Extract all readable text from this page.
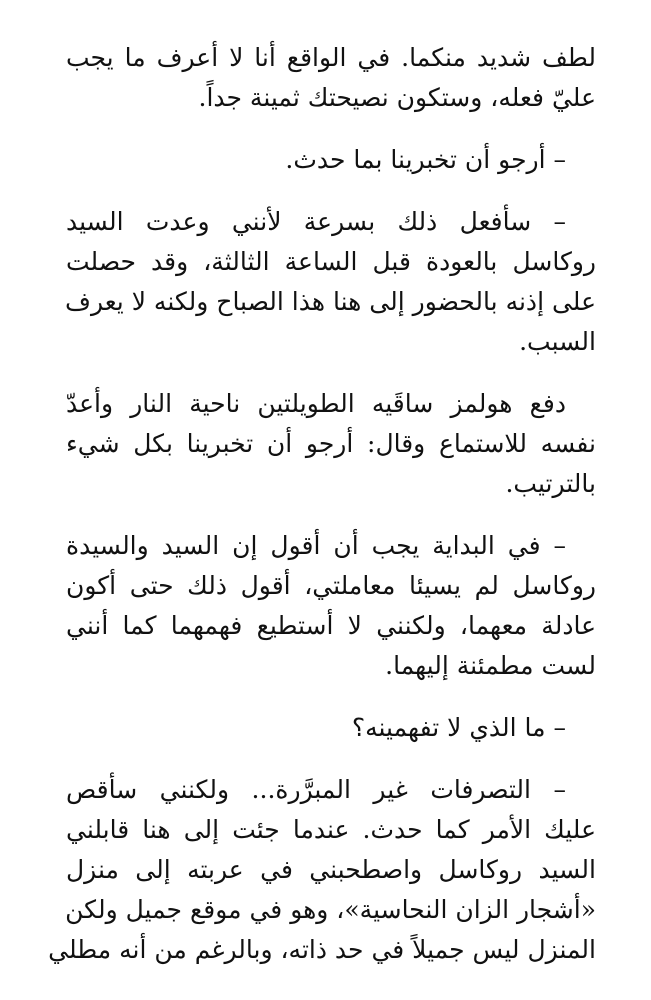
لطف شديد منكما. في الواقع أنا لا أعرف ما يجب
عليّ فعله، وستكون نصيحتك ثمينة جداً.

– أرجو أن تخبرينا بما حدث.

– سأفعل ذلك بسرعة لأنني وعدت السيد
روكاسل بالعودة قبل الساعة الثالثة، وقد حصلت
على إذنه بالحضور إلى هنا هذا الصباح ولكنه لا يعرف
السبب.

دفع هولمز ساقَيه الطويلتين ناحية النار وأعدّ
نفسه للاستماع وقال: أرجو أن تخبرينا بكل شيء
بالترتيب.

– في البداية يجب أن أقول إن السيد والسيدة
روكاسل لم يسيئا معاملتي، أقول ذلك حتى أكون
عادلة معهما، ولكنني لا أستطيع فهمهما كما أنني
لست مطمئنة إليهما.

– ما الذي لا تفهمينه؟

– التصرفات غير المبرَّرة... ولكنني سأقص
عليك الأمر كما حدث. عندما جئت إلى هنا قابلني
السيد روكاسل واصطحبني في عربته إلى منزل
«أشجار الزان النحاسية»، وهو في موقع جميل ولكن
المنزل ليس جميلاً في حد ذاته، وبالرغم من أنه مطلي
